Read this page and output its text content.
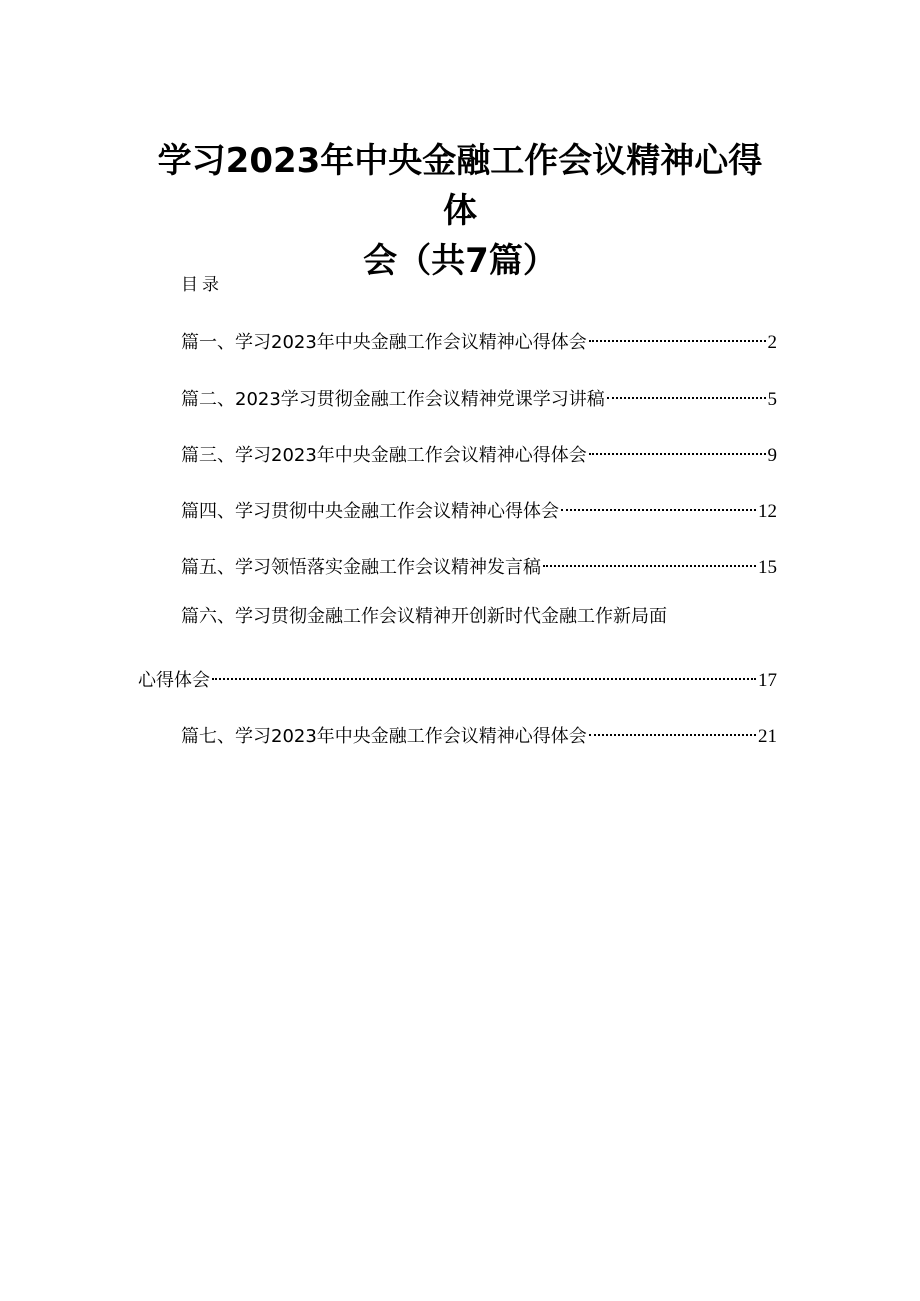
学习2023年中央金融工作会议精神心得体
会（共7篇）
目录
篇一、学习2023年中央金融工作会议精神心得体会	2
篇二、2023学习贯彻金融工作会议精神党课学习讲稿	5
篇三、学习2023年中央金融工作会议精神心得体会	9
篇四、学习贯彻中央金融工作会议精神心得体会	12
篇五、学习领悟落实金融工作会议精神发言稿	15
篇六、学习贯彻金融工作会议精神开创新时代金融工作新局面
心得体会	17
篇七、学习2023年中央金融工作会议精神心得体会	21
